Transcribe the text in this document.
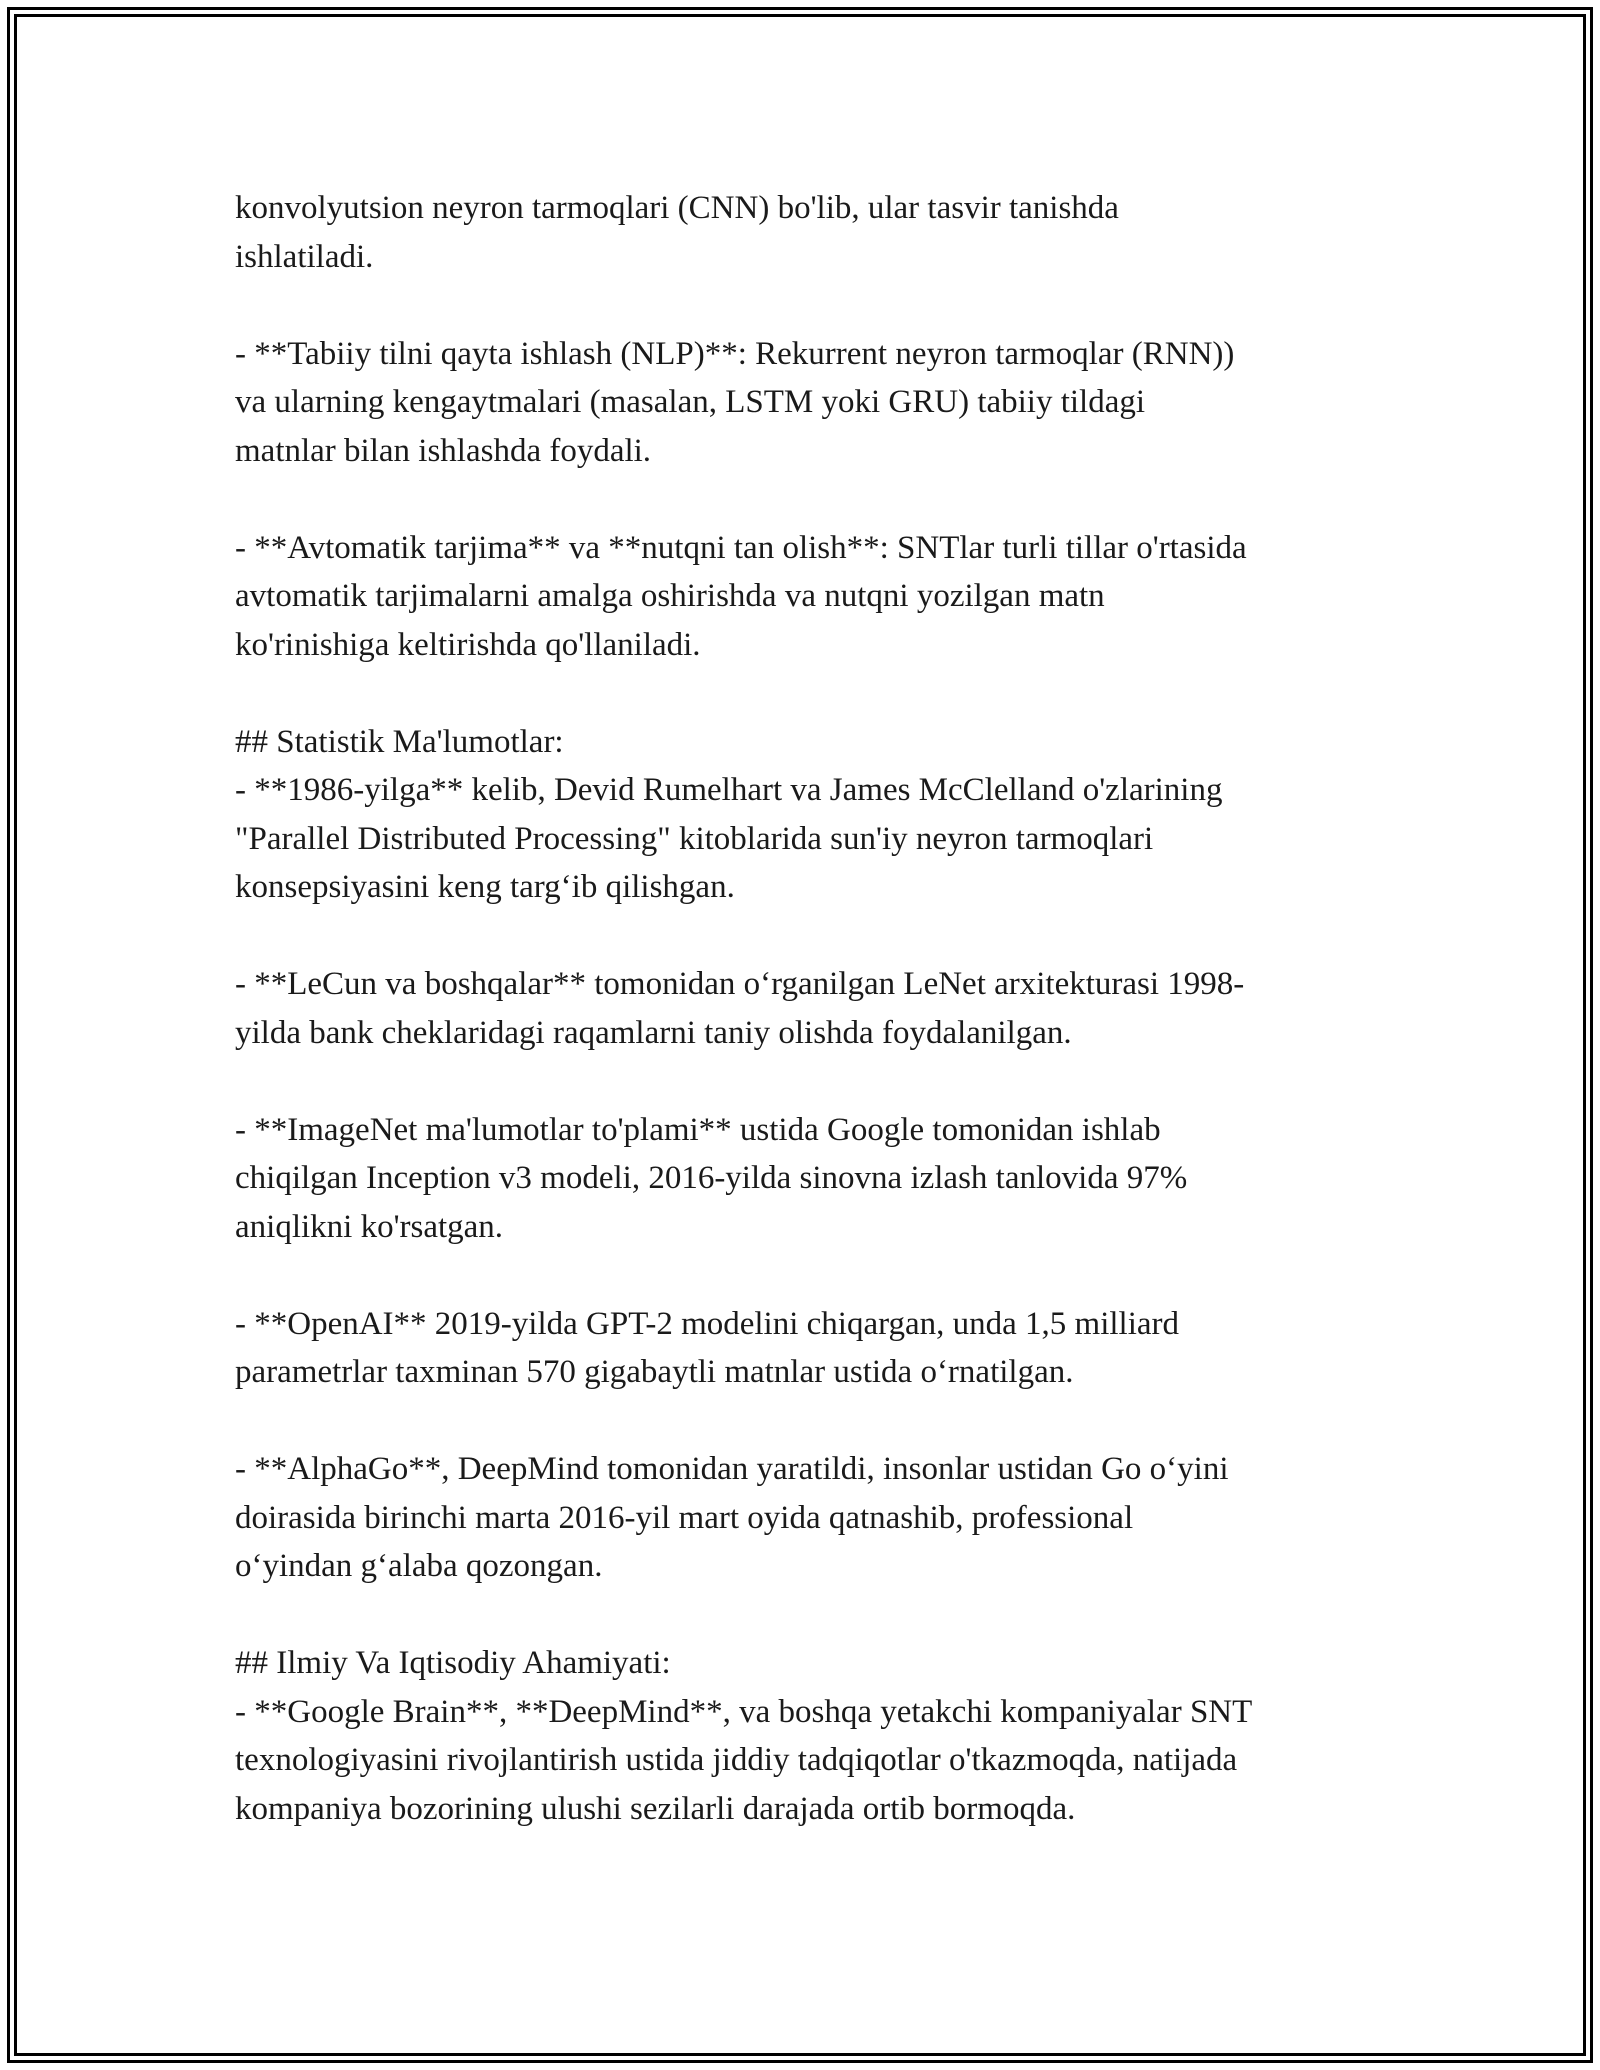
konvolyutsion neyron tarmoqlari (CNN) bo'lib, ular tasvir tanishda
ishlatiladi.
- **Tabiiy tilni qayta ishlash (NLP)**: Rekurrent neyron tarmoqlar (RNN))
va ularning kengaytmalari (masalan, LSTM yoki GRU) tabiiy tildagi
matnlar bilan ishlashda foydali.
- **Avtomatik tarjima** va **nutqni tan olish**: SNTlar turli tillar o'rtasida
avtomatik tarjimalarni amalga oshirishda va nutqni yozilgan matn
ko'rinishiga keltirishda qo'llaniladi.
## Statistik Ma'lumotlar:
- **1986-yilga** kelib, Devid Rumelhart va James McClelland o'zlarining
"Parallel Distributed Processing" kitoblarida sun'iy neyron tarmoqlari
konsepsiyasini keng targ‘ib qilishgan.
- **LeCun va boshqalar** tomonidan o‘rganilgan LeNet arxitekturasi 1998-
yilda bank cheklaridagi raqamlarni taniy olishda foydalanilgan.
- **ImageNet ma'lumotlar to'plami** ustida Google tomonidan ishlab
chiqilgan Inception v3 modeli, 2016-yilda sinovna izlash tanlovida 97%
aniqlikni ko'rsatgan.
- **OpenAI** 2019-yilda GPT-2 modelini chiqargan, unda 1,5 milliard
parametrlar taxminan 570 gigabaytli matnlar ustida o‘rnatilgan.
- **AlphaGo**, DeepMind tomonidan yaratildi, insonlar ustidan Go o‘yini
doirasida birinchi marta 2016-yil mart oyida qatnashib, professional
o‘yindan g‘alaba qozongan.
## Ilmiy Va Iqtisodiy Ahamiyati:
- **Google Brain**, **DeepMind**, va boshqa yetakchi kompaniyalar SNT
texnologiyasini rivojlantirish ustida jiddiy tadqiqotlar o'tkazmoqda, natijada
kompaniya bozorining ulushi sezilarli darajada ortib bormoqda.
